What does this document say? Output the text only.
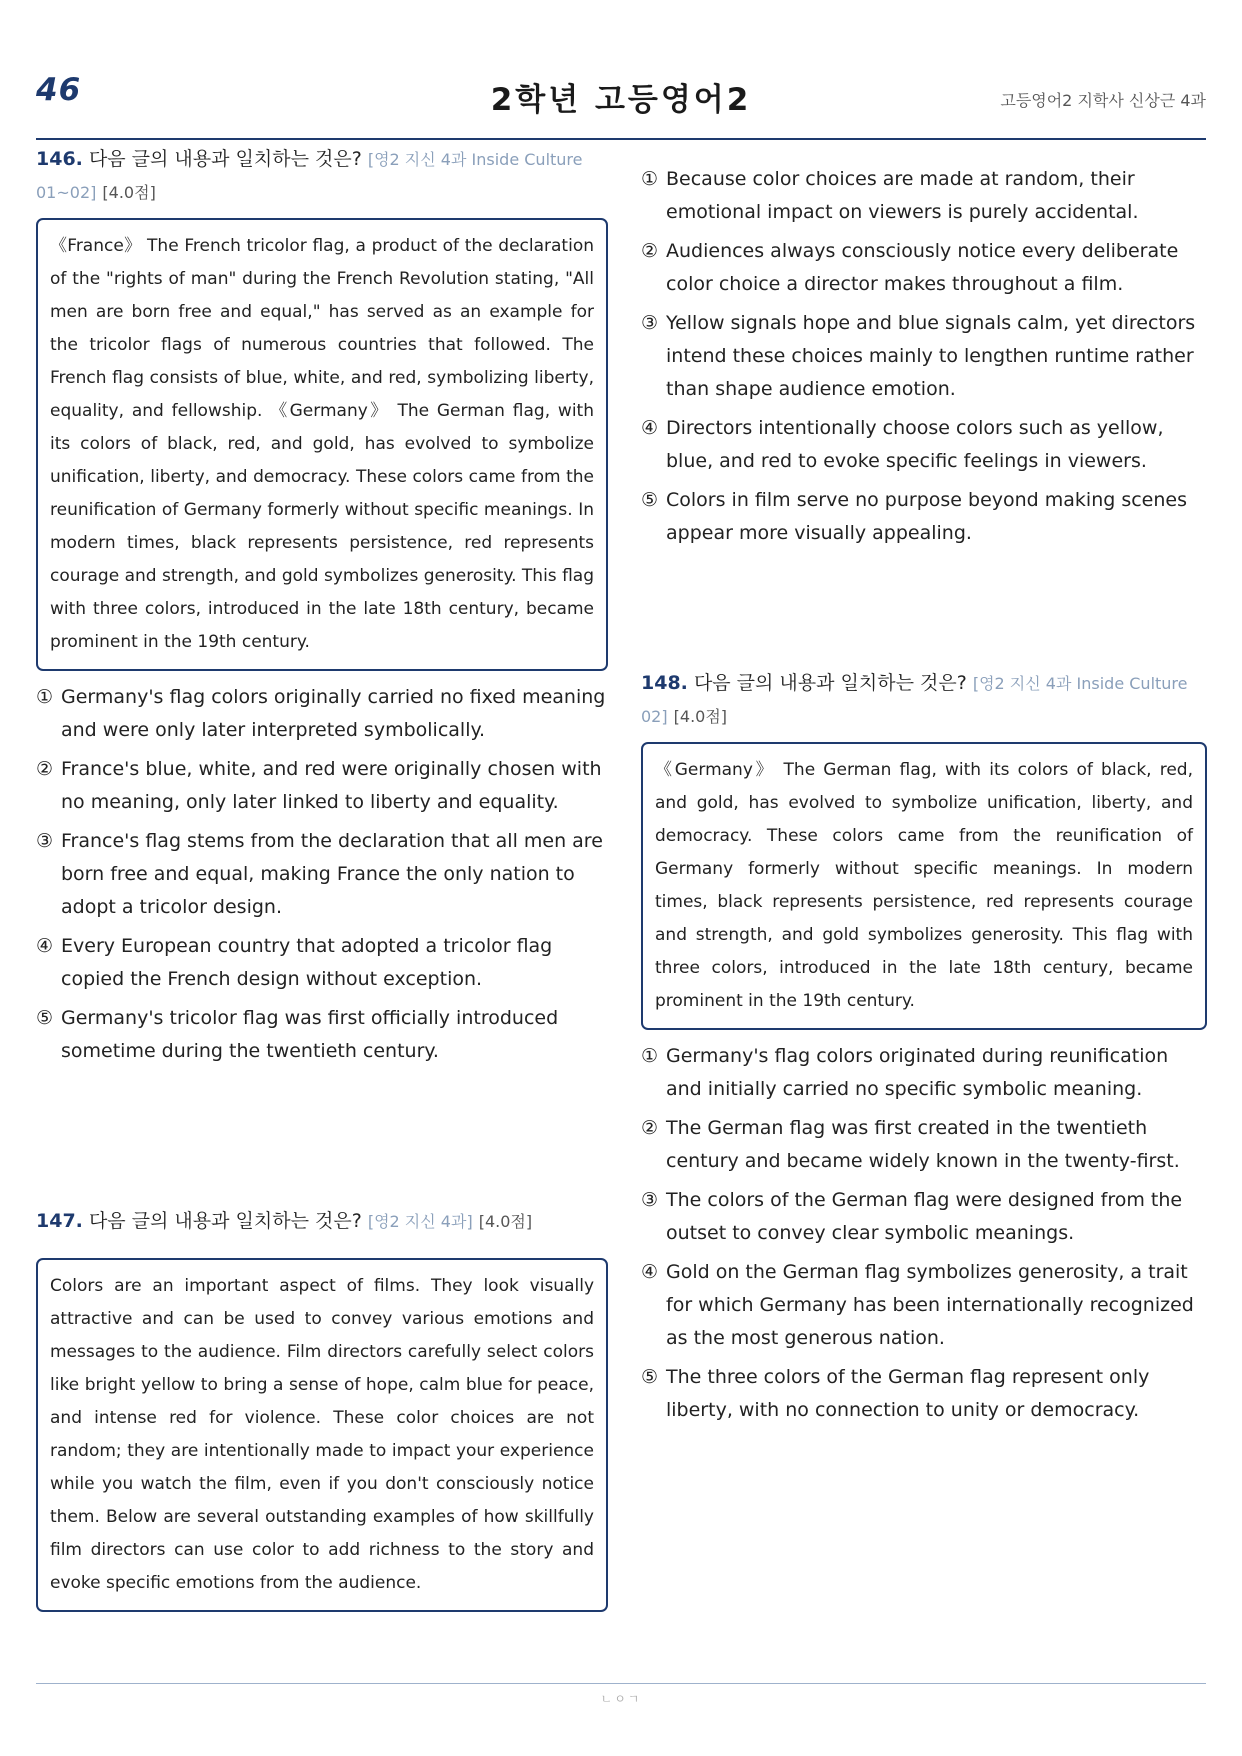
46	2학년 고등영어2	고등영어2 지학사 신상근 4과
146. 다음 글의 내용과 일치하는 것은? [영2 지신 4과 Inside Culture 01~02] [4.0점]
《France》 The French tricolor flag, a product of the declaration of the "rights of man" during the French Revolution stating, "All men are born free and equal," has served as an example for the tricolor flags of numerous countries that followed. The French flag consists of blue, white, and red, symbolizing liberty, equality, and fellowship. 《Germany》 The German flag, with its colors of black, red, and gold, has evolved to symbolize unification, liberty, and democracy. These colors came from the reunification of Germany formerly without specific meanings. In modern times, black represents persistence, red represents courage and strength, and gold symbolizes generosity. This flag with three colors, introduced in the late 18th century, became prominent in the 19th century.
① Germany's flag colors originally carried no fixed meaning and were only later interpreted symbolically.
② France's blue, white, and red were originally chosen with no meaning, only later linked to liberty and equality.
③ France's flag stems from the declaration that all men are born free and equal, making France the only nation to adopt a tricolor design.
④ Every European country that adopted a tricolor flag copied the French design without exception.
⑤ Germany's tricolor flag was first officially introduced sometime during the twentieth century.
147. 다음 글의 내용과 일치하는 것은? [영2 지신 4과] [4.0점]
Colors are an important aspect of films. They look visually attractive and can be used to convey various emotions and messages to the audience. Film directors carefully select colors like bright yellow to bring a sense of hope, calm blue for peace, and intense red for violence. These color choices are not random; they are intentionally made to impact your experience while you watch the film, even if you don't consciously notice them. Below are several outstanding examples of how skillfully film directors can use color to add richness to the story and evoke specific emotions from the audience.
① Because color choices are made at random, their emotional impact on viewers is purely accidental.
② Audiences always consciously notice every deliberate color choice a director makes throughout a film.
③ Yellow signals hope and blue signals calm, yet directors intend these choices mainly to lengthen runtime rather than shape audience emotion.
④ Directors intentionally choose colors such as yellow, blue, and red to evoke specific feelings in viewers.
⑤ Colors in film serve no purpose beyond making scenes appear more visually appealing.
148. 다음 글의 내용과 일치하는 것은? [영2 지신 4과 Inside Culture 02] [4.0점]
《Germany》 The German flag, with its colors of black, red, and gold, has evolved to symbolize unification, liberty, and democracy. These colors came from the reunification of Germany formerly without specific meanings. In modern times, black represents persistence, red represents courage and strength, and gold symbolizes generosity. This flag with three colors, introduced in the late 18th century, became prominent in the 19th century.
① Germany's flag colors originated during reunification and initially carried no specific symbolic meaning.
② The German flag was first created in the twentieth century and became widely known in the twenty-first.
③ The colors of the German flag were designed from the outset to convey clear symbolic meanings.
④ Gold on the German flag symbolizes generosity, a trait for which Germany has been internationally recognized as the most generous nation.
⑤ The three colors of the German flag represent only liberty, with no connection to unity or democracy.
ㄴㅇㄱ
